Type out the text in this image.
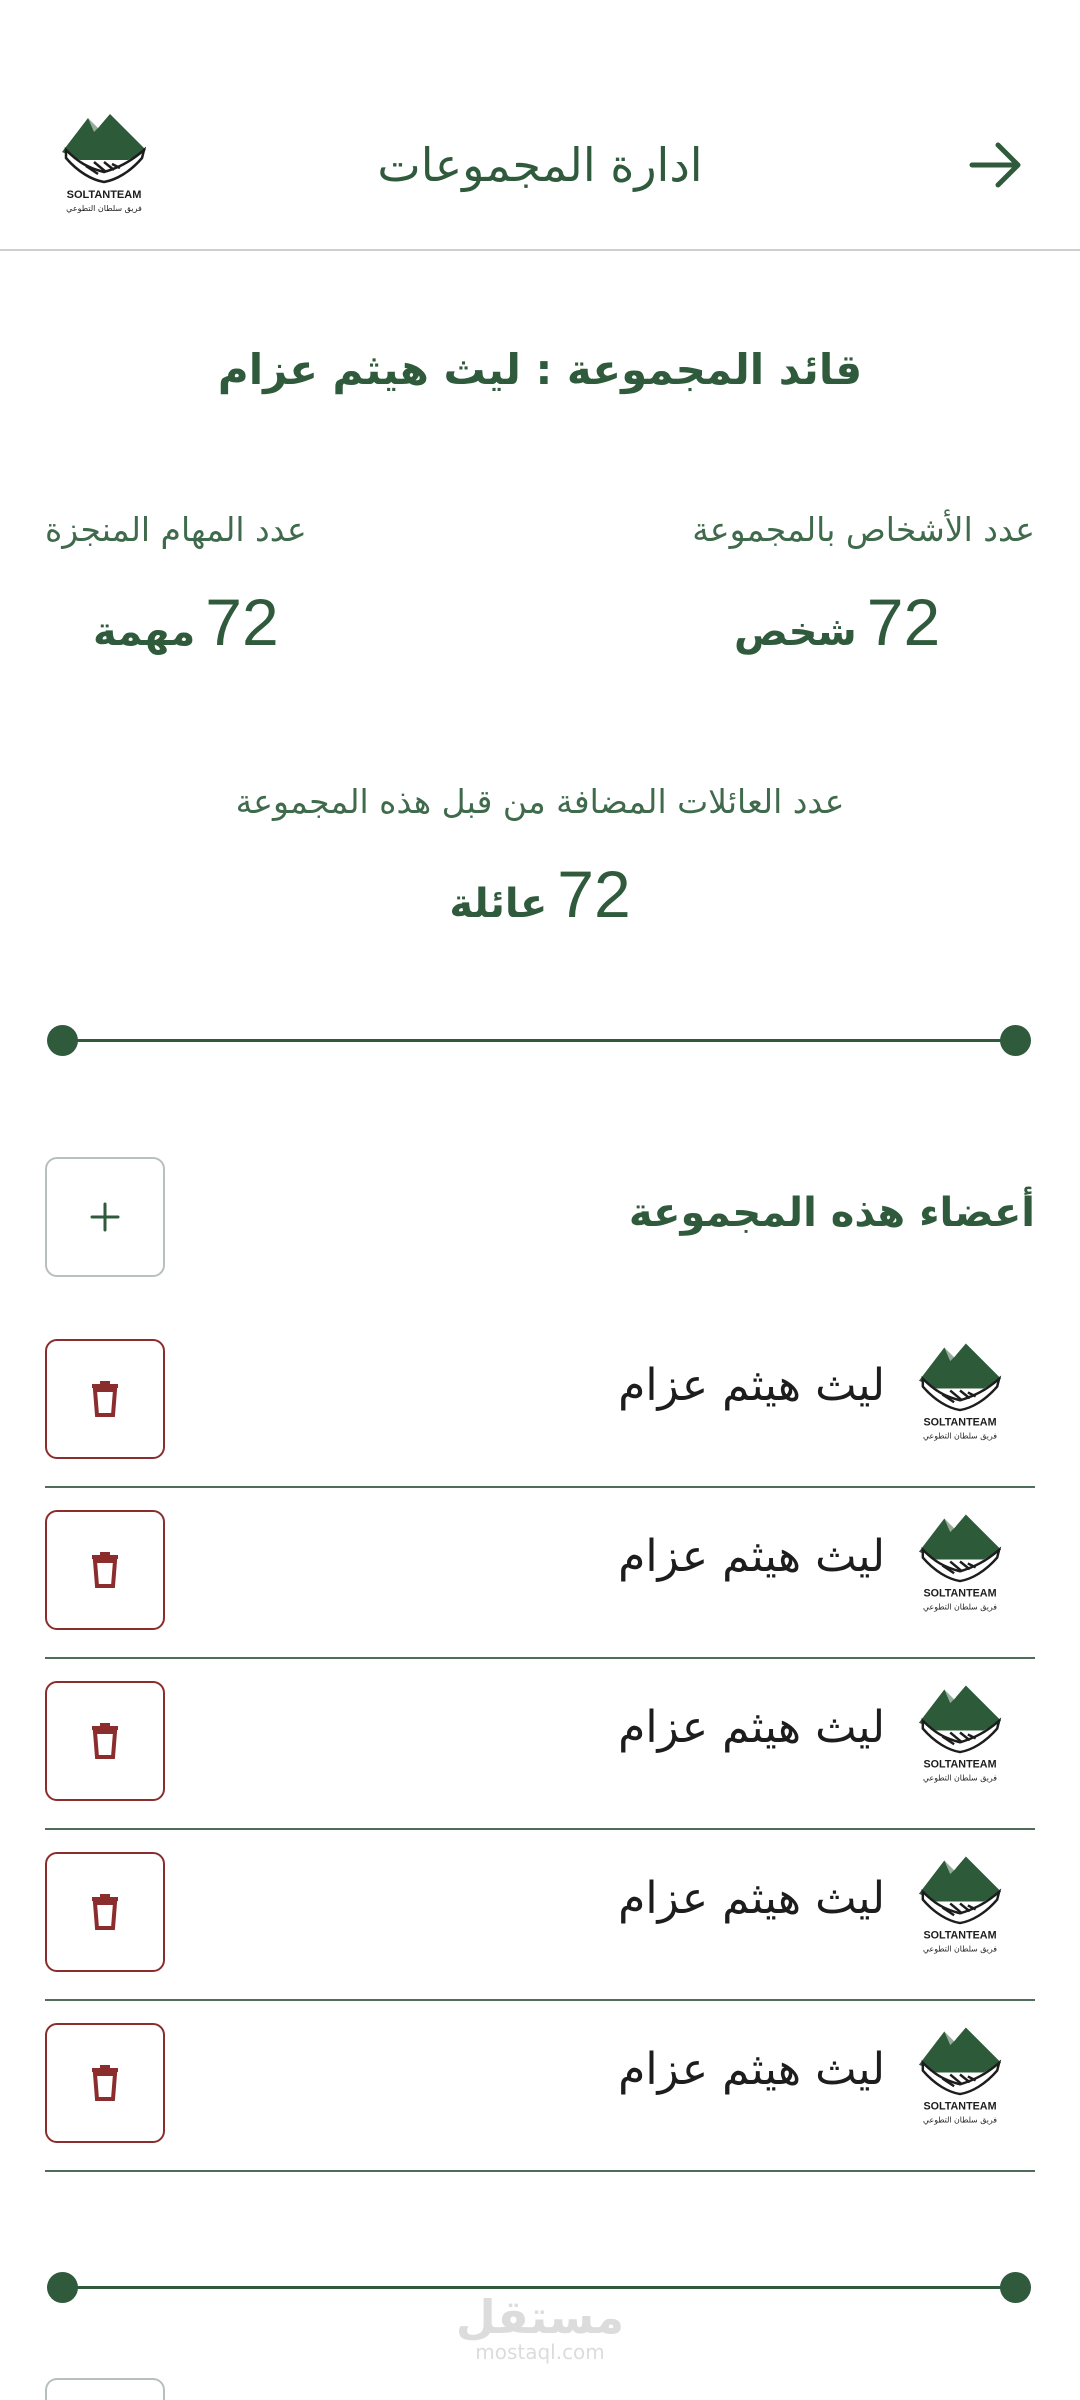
SOLTANTEAM
فريق سلطان التطوعي
ادارة المجموعات
قائد المجموعة : ليث هيثم عزام
عدد الأشخاص بالمجموعة
72شخص
عدد المهام المنجزة
72مهمة
عدد العائلات المضافة من قبل هذه المجموعة
72عائلة
أعضاء هذه المجموعة
SOLTANTEAM
فريق سلطان التطوعي
ليث هيثم عزام
SOLTANTEAM
فريق سلطان التطوعي
ليث هيثم عزام
SOLTANTEAM
فريق سلطان التطوعي
ليث هيثم عزام
SOLTANTEAM
فريق سلطان التطوعي
ليث هيثم عزام
SOLTANTEAM
فريق سلطان التطوعي
ليث هيثم عزام
مستقل
mostaql.com
